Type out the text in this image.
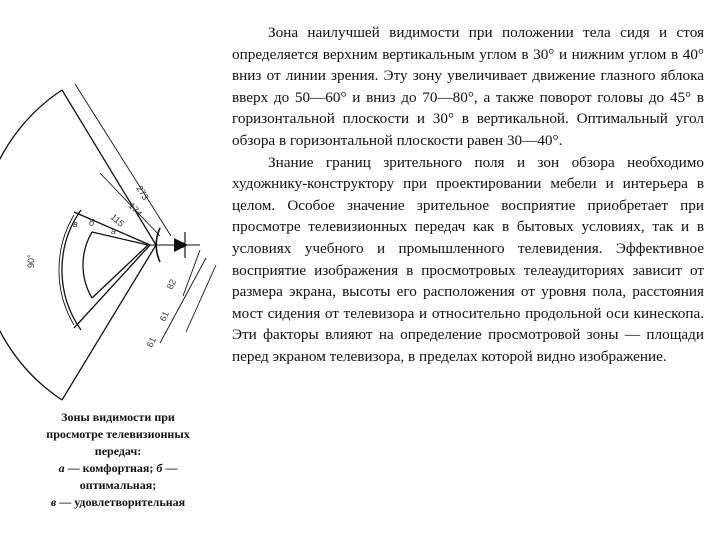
273
174
115
82
61
61
a
б
в
90°
Зоны видимости при
просмотре телевизионных
передач:
а — комфортная; б —
оптимальная;
в — удовлетворительная

Зона наилучшей видимости при положении тела сидя и стоя определяется верхним вертикальным углом в 30° и нижним углом в 40° вниз от линии зрения. Эту зону увеличивает движение глазного яблока вверх до 50—60° и вниз до 70—80°, а также поворот головы до 45° в горизонтальной плоскости и 30° в вертикальной. Оптимальный угол обзора в горизонтальной плоскости равен 30—40°.

Знание границ зрительного поля и зон обзора необходимо художнику-конструктору при проектировании мебели и интерьера в целом. Особое значение зрительное восприятие приобретает при просмотре телевизионных передач как в бытовых условиях, так и в условиях учебного и промышленного телевидения. Эффективное восприятие изображения в просмотровых телеаудиториях зависит от размера экрана, высоты его расположения от уровня пола, расстояния мост сидения от телевизора и относительно продольной оси кинескопа. Эти факторы влияют на определение просмотровой зоны — площади перед экраном телевизора, в пределах которой видно изображение.
